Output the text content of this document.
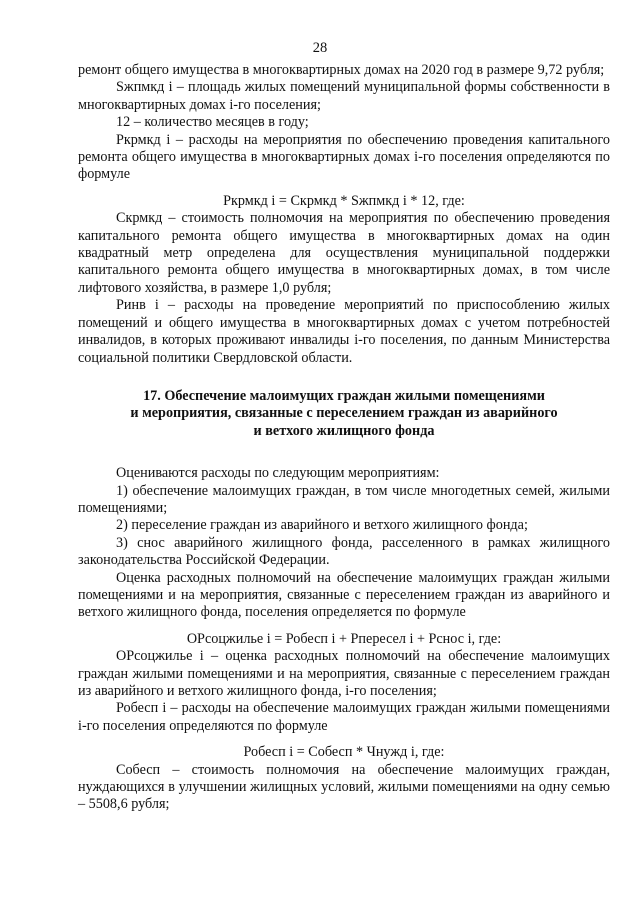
28

ремонт общего имущества в многоквартирных домах на 2020 год в размере 9,72 рубля;

Sжпмкд i – площадь жилых помещений муниципальной формы собственности в многоквартирных домах i-го поселения;

12 – количество месяцев в году;

Ркрмкд i – расходы на мероприятия по обеспечению проведения капитального ремонта общего имущества в многоквартирных домах i-го поселения определяются по формуле

Ркрмкд i = Скрмкд * Sжпмкд i * 12, где:

Скрмкд – стоимость полномочия на мероприятия по обеспечению проведения капитального ремонта общего имущества в многоквартирных домах на один квадратный метр определена для осуществления муниципальной поддержки капитального ремонта общего имущества в многоквартирных домах, в том числе лифтового хозяйства, в размере 1,0 рубля;

Ринв i – расходы на проведение мероприятий по приспособлению жилых помещений и общего имущества в многоквартирных домах с учетом потребностей инвалидов, в которых проживают инвалиды i-го поселения, по данным Министерства социальной политики Свердловской области.

17. Обеспечение малоимущих граждан жилыми помещениями

и мероприятия, связанные с переселением граждан из аварийного

и ветхого жилищного фонда

Оцениваются расходы по следующим мероприятиям:

1) обеспечение малоимущих граждан, в том числе многодетных семей, жилыми помещениями;

2) переселение граждан из аварийного и ветхого жилищного фонда;

3) снос аварийного жилищного фонда, расселенного в рамках жилищного законодательства Российской Федерации.

Оценка расходных полномочий на обеспечение малоимущих граждан жилыми помещениями и на мероприятия, связанные с переселением граждан из аварийного и ветхого жилищного фонда, поселения определяется по формуле

ОРсоцжилье i = Робесп i + Рпересел i + Рснос i, где:

ОРсоцжилье i – оценка расходных полномочий на обеспечение малоимущих граждан жилыми помещениями и на мероприятия, связанные с переселением граждан из аварийного и ветхого жилищного фонда, i-го поселения;

Робесп i – расходы на обеспечение малоимущих граждан жилыми помещениями i-го поселения определяются по формуле

Робесп i = Собесп * Чнужд i, где:

Собесп – стоимость полномочия на обеспечение малоимущих граждан, нуждающихся в улучшении жилищных условий, жилыми помещениями на одну семью – 5508,6 рубля;
